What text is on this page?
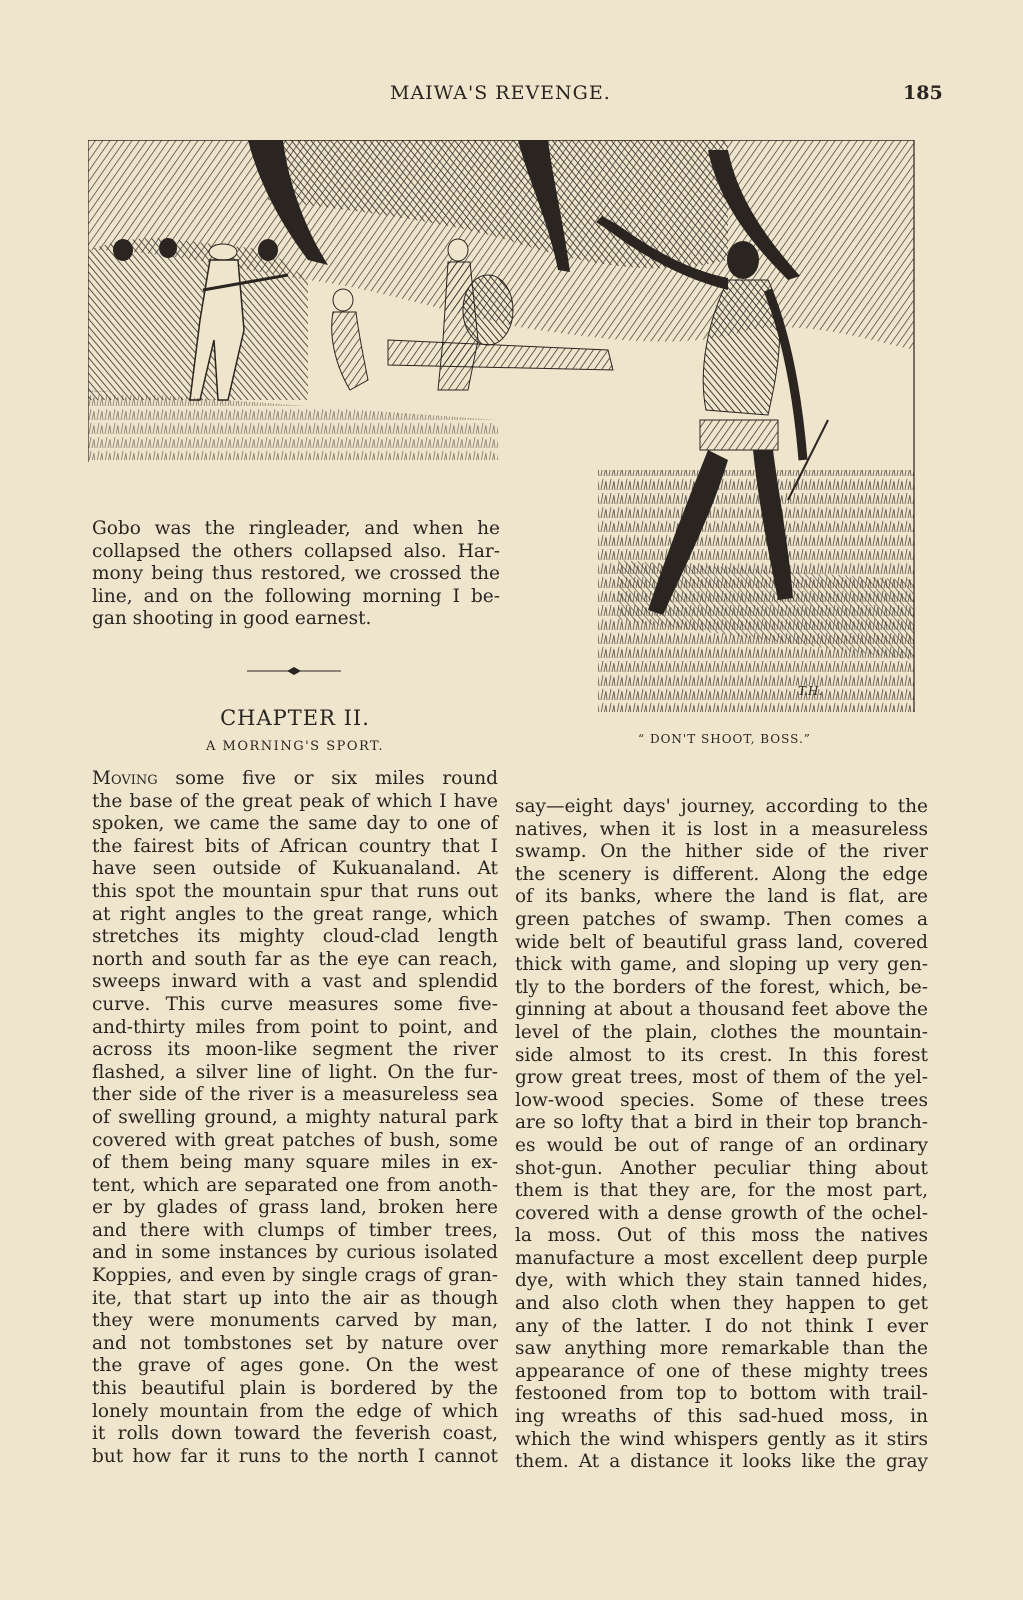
MAIWA'S REVENGE.	185
T.H.
“ DON'T SHOOT, BOSS.”
Gobo was the ringleader, and when he
collapsed the others collapsed also. Har-
mony being thus restored, we crossed the
line, and on the following morning I be-
gan shooting in good earnest.
CHAPTER II.
A MORNING'S SPORT.
Moving some five or six miles round
the base of the great peak of which I have
spoken, we came the same day to one of
the fairest bits of African country that I
have seen outside of Kukuanaland. At
this spot the mountain spur that runs out
at right angles to the great range, which
stretches its mighty cloud-clad length
north and south far as the eye can reach,
sweeps inward with a vast and splendid
curve. This curve measures some five-
and-thirty miles from point to point, and
across its moon-like segment the river
flashed, a silver line of light. On the fur-
ther side of the river is a measureless sea
of swelling ground, a mighty natural park
covered with great patches of bush, some
of them being many square miles in ex-
tent, which are separated one from anoth-
er by glades of grass land, broken here
and there with clumps of timber trees,
and in some instances by curious isolated
Koppies, and even by single crags of gran-
ite, that start up into the air as though
they were monuments carved by man,
and not tombstones set by nature over
the grave of ages gone. On the west
this beautiful plain is bordered by the
lonely mountain from the edge of which
it rolls down toward the feverish coast,
but how far it runs to the north I cannot
say—eight days' journey, according to the
natives, when it is lost in a measureless
swamp. On the hither side of the river
the scenery is different. Along the edge
of its banks, where the land is flat, are
green patches of swamp. Then comes a
wide belt of beautiful grass land, covered
thick with game, and sloping up very gen-
tly to the borders of the forest, which, be-
ginning at about a thousand feet above the
level of the plain, clothes the mountain-
side almost to its crest. In this forest
grow great trees, most of them of the yel-
low-wood species. Some of these trees
are so lofty that a bird in their top branch-
es would be out of range of an ordinary
shot-gun. Another peculiar thing about
them is that they are, for the most part,
covered with a dense growth of the ochel-
la moss. Out of this moss the natives
manufacture a most excellent deep purple
dye, with which they stain tanned hides,
and also cloth when they happen to get
any of the latter. I do not think I ever
saw anything more remarkable than the
appearance of one of these mighty trees
festooned from top to bottom with trail-
ing wreaths of this sad-hued moss, in
which the wind whispers gently as it stirs
them. At a distance it looks like the gray
